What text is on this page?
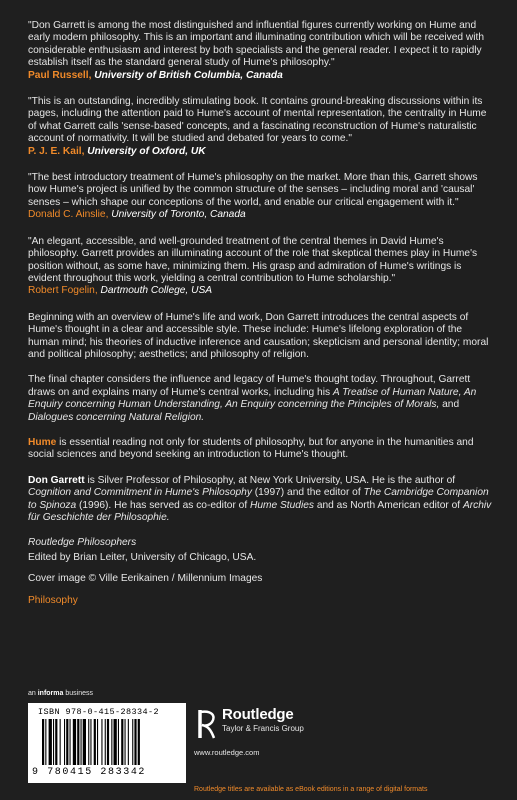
"Don Garrett is among the most distinguished and influential figures currently working on Hume and early modern philosophy. This is an important and illuminating contribution which will be received with considerable enthusiasm and interest by both specialists and the general reader. I expect it to rapidly establish itself as the standard general study of Hume's philosophy."

Paul Russell, University of British Columbia, Canada

"This is an outstanding, incredibly stimulating book. It contains ground-breaking discussions within its pages, including the attention paid to Hume's account of mental representation, the centrality in Hume of what Garrett calls 'sense-based' concepts, and a fascinating reconstruction of Hume's naturalistic account of normativity. It will be studied and debated for years to come."

P. J. E. Kail, University of Oxford, UK

"The best introductory treatment of Hume's philosophy on the market. More than this, Garrett shows how Hume's project is unified by the common structure of the senses – including moral and 'causal' senses – which shape our conceptions of the world, and enable our critical engagement with it."

Donald C. Ainslie, University of Toronto, Canada

"An elegant, accessible, and well-grounded treatment of the central themes in David Hume's philosophy. Garrett provides an illuminating account of the role that skeptical themes play in Hume's position without, as some have, minimizing them. His grasp and admiration of Hume's writings is evident throughout this work, yielding a central contribution to Hume scholarship."

Robert Fogelin, Dartmouth College, USA

Beginning with an overview of Hume's life and work, Don Garrett introduces the central aspects of Hume's thought in a clear and accessible style. These include: Hume's lifelong exploration of the human mind; his theories of inductive inference and causation; skepticism and personal identity; moral and political philosophy; aesthetics; and philosophy of religion.

The final chapter considers the influence and legacy of Hume's thought today. Throughout, Garrett draws on and explains many of Hume's central works, including his A Treatise of Human Nature, An Enquiry concerning Human Understanding, An Enquiry concerning the Principles of Morals, and Dialogues concerning Natural Religion.

Hume is essential reading not only for students of philosophy, but for anyone in the humanities and social sciences and beyond seeking an introduction to Hume's thought.

Don Garrett is Silver Professor of Philosophy, at New York University, USA. He is the author of Cognition and Commitment in Hume's Philosophy (1997) and the editor of The Cambridge Companion to Spinoza (1996). He has served as co-editor of Hume Studies and as North American editor of Archiv für Geschichte der Philosophie.

Routledge Philosophers

Edited by Brian Leiter, University of Chicago, USA.

Cover image © Ville Eerikainen / Millennium Images

Philosophy

an informa business
ISBN 978-0-415-28334-2
9 780415 283342
Routledge
Taylor & Francis Group
www.routledge.com
Routledge titles are available as eBook editions in a range of digital formats
